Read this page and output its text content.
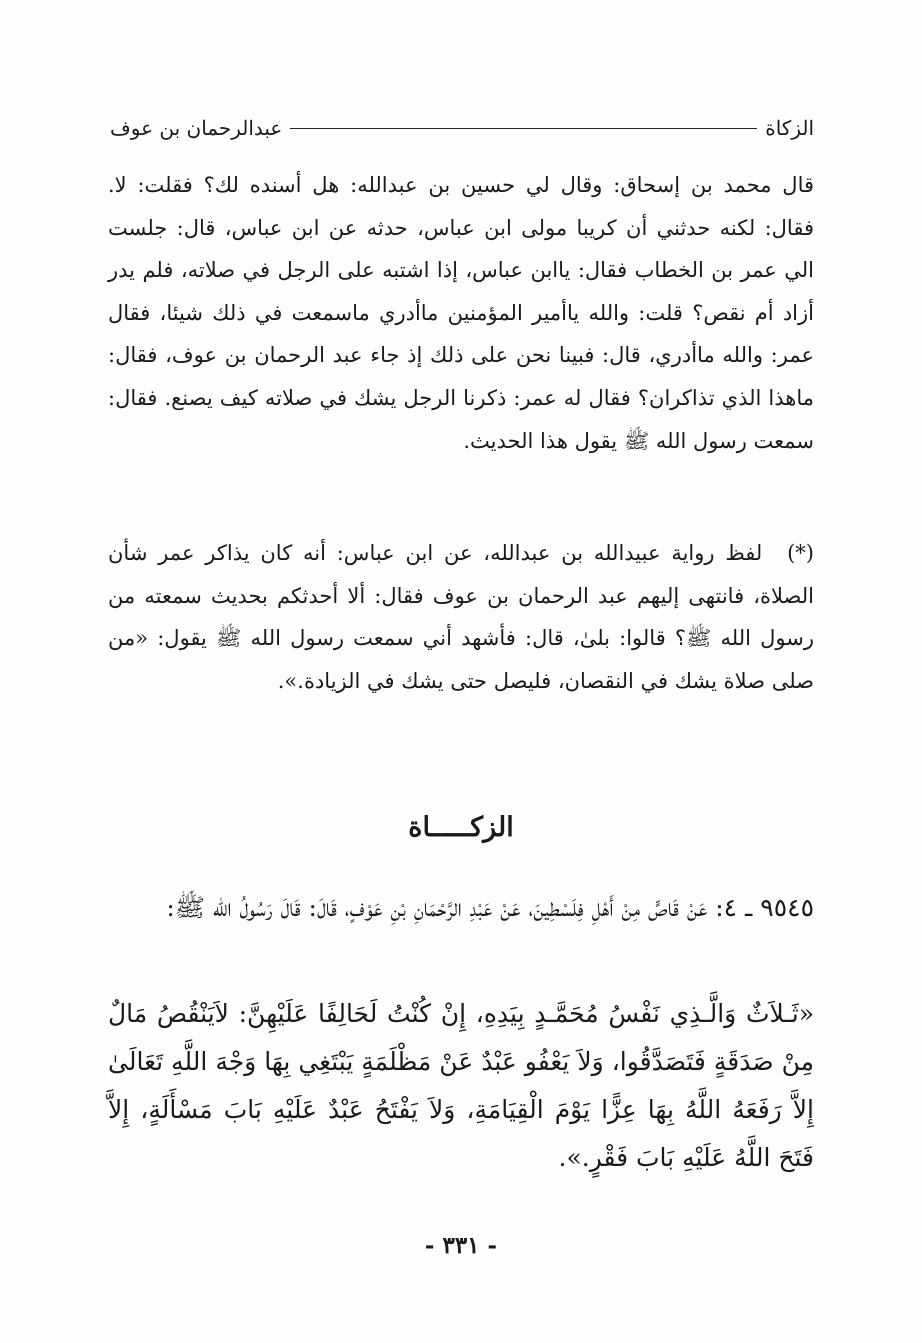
الزكاة
عبدالرحمان بن عوف
قال محمد بن إسحاق: وقال لي حسين بن عبدالله: هل أسنده لك؟ فقلت: لا. فقال: لكنه حدثني أن كريبا مولى ابن عباس، حدثه عن ابن عباس، قال: جلست الي عمر بن الخطاب فقال: ياابن عباس، إذا اشتبه على الرجل في صلاته، فلم يدر أزاد أم نقص؟ قلت: والله ياأمير المؤمنين ماأدري ماسمعت في ذلك شيئا، فقال عمر: والله ماأدري، قال: فبينا نحن على ذلك إذ جاء عبد الرحمان بن عوف، فقال: ماهذا الذي تذاكران؟ فقال له عمر: ذكرنا الرجل يشك في صلاته كيف يصنع. فقال: سمعت رسول الله ﷺ يقول هذا الحديث.
(*) لفظ رواية عبيدالله بن عبدالله، عن ابن عباس: أنه كان يذاكر عمر شأن الصلاة، فانتهى إليهم عبد الرحمان بن عوف فقال: ألا أحدثكم بحديث سمعته من رسول الله ﷺ؟ قالوا: بلىٰ، قال: فأشهد أني سمعت رسول الله ﷺ يقول: «من صلى صلاة يشك في النقصان، فليصل حتى يشك في الزيادة.».
الزكـــــاة
٩٥٤٥ ـ ٤: عَنْ قَاصٍّ مِنْ أَهْلِ فِلَسْطِينَ، عَنْ عَبْدِ الرَّحْمَانِ بْنِ عَوْفٍ، قَالَ: قَالَ رَسُولُ الله ﷺ:
«ثَـلاَثٌ وَالَّـذِي نَفْسُ مُحَمَّـدٍ بِيَدِهِ، إِنْ كُنْتُ لَحَالِفًا عَلَيْهِنَّ: لاَيَنْقُصُ مَالٌ مِنْ صَدَقَةٍ فَتَصَدَّقُوا، وَلاَ يَعْفُو عَبْدٌ عَنْ مَظْلَمَةٍ يَبْتَغِي بِهَا وَجْهَ اللَّهِ تَعَالَىٰ إِلاَّ رَفَعَهُ اللَّهُ بِهَا عِزًّا يَوْمَ الْقِيَامَةِ، وَلاَ يَفْتَحُ عَبْدٌ عَلَيْهِ بَابَ مَسْأَلَةٍ، إِلاَّ فَتَحَ اللَّهُ عَلَيْهِ بَابَ فَقْرٍ.».
- ٣٣١ -
